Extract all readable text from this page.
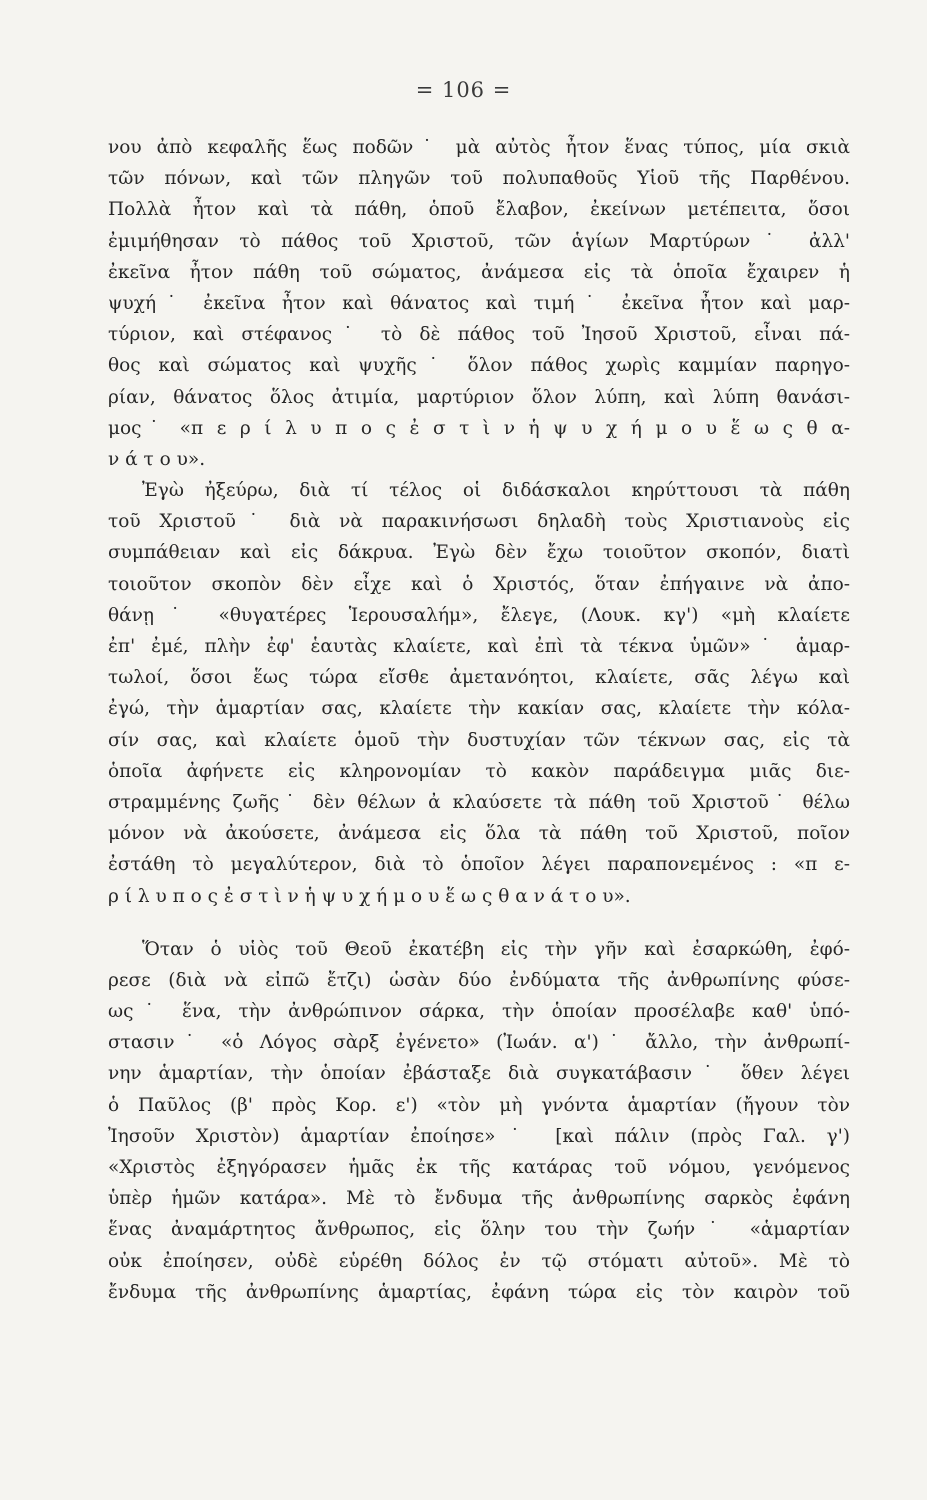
= 106 =
νου ἀπὸ κεφαλῆς ἕως ποδῶν˙ μὰ αὐτὸς ἦτον ἕνας τύπος, μία σκιὰ
τῶν πόνων, καὶ τῶν πληγῶν τοῦ πολυπαθοῦς Υἱοῦ τῆς Παρθένου.
Πολλὰ ἦτον καὶ τὰ πάθη, ὁποῦ ἔλαβον, ἐκείνων μετέπειτα, ὅσοι
ἐμιμήθησαν τὸ πάθος τοῦ Χριστοῦ, τῶν ἁγίων Μαρτύρων˙ ἀλλ'
ἐκεῖνα ἦτον πάθη τοῦ σώματος, ἀνάμεσα εἰς τὰ ὁποῖα ἔχαιρεν ἡ
ψυχή˙ ἐκεῖνα ἦτον καὶ θάνατος καὶ τιμή˙ ἐκεῖνα ἦτον καὶ μαρ-
τύριον, καὶ στέφανος˙ τὸ δὲ πάθος τοῦ Ἰησοῦ Χριστοῦ, εἶναι πά-
θος καὶ σώματος καὶ ψυχῆς˙ ὅλον πάθος χωρὶς καμμίαν παρηγο-
ρίαν, θάνατος ὅλος ἀτιμία, μαρτύριον ὅλον λύπη, καὶ λύπη θανάσι-
μος˙ «π ε ρ ί λ υ π ο ς ἐ σ τ ὶ ν ἡ ψ υ χ ή μ ο υ ἕ ω ς θ α-
ν ά τ ο υ».
Ἐγὼ ἠξεύρω, διὰ τί τέλος οἱ διδάσκαλοι κηρύττουσι τὰ πάθη
τοῦ Χριστοῦ˙ διὰ νὰ παρακινήσωσι δηλαδὴ τοὺς Χριστιανοὺς εἰς
συμπάθειαν καὶ εἰς δάκρυα. Ἐγὼ δὲν ἔχω τοιοῦτον σκοπόν, διατὶ
τοιοῦτον σκοπὸν δὲν εἶχε καὶ ὁ Χριστός, ὅταν ἐπήγαινε νὰ ἀπο-
θάνῃ˙ «θυγατέρες Ἱερουσαλήμ», ἔλεγε, (Λουκ. κγ') «μὴ κλαίετε
ἐπ' ἐμέ, πλὴν ἐφ' ἑαυτὰς κλαίετε, καὶ ἐπὶ τὰ τέκνα ὑμῶν»˙ ἁμαρ-
τωλοί, ὅσοι ἕως τώρα εἴσθε ἀμετανόητοι, κλαίετε, σᾶς λέγω καὶ
ἐγώ, τὴν ἁμαρτίαν σας, κλαίετε τὴν κακίαν σας, κλαίετε τὴν κόλα-
σίν σας, καὶ κλαίετε ὁμοῦ τὴν δυστυχίαν τῶν τέκνων σας, εἰς τὰ
ὁποῖα ἀφήνετε εἰς κληρονομίαν τὸ κακὸν παράδειγμα μιᾶς διε-
στραμμένης ζωῆς˙ δὲν θέλων ἀ κλαύσετε τὰ πάθη τοῦ Χριστοῦ˙ θέλω
μόνον νὰ ἀκούσετε, ἀνάμεσα εἰς ὅλα τὰ πάθη τοῦ Χριστοῦ, ποῖον
ἐστάθη τὸ μεγαλύτερον, διὰ τὸ ὁποῖον λέγει παραπονεμένος : «π ε-
ρ ί λ υ π ο ς ἐ σ τ ὶ ν ἡ ψ υ χ ή μ ο υ ἕ ω ς θ α ν ά τ ο υ».
Ὅταν ὁ υἱὸς τοῦ Θεοῦ ἐκατέβη εἰς τὴν γῆν καὶ ἐσαρκώθη, ἐφό-
ρεσε (διὰ νὰ εἰπῶ ἔτζι) ὡσὰν δύο ἐνδύματα τῆς ἀνθρωπίνης φύσε-
ως˙ ἕνα, τὴν ἀνθρώπινον σάρκα, τὴν ὁποίαν προσέλαβε καθ' ὑπό-
στασιν˙ «ὁ Λόγος σὰρξ ἐγένετο» (Ἰωάν. α')˙ ἄλλο, τὴν ἀνθρωπί-
νην ἁμαρτίαν, τὴν ὁποίαν ἐβάσταξε διὰ συγκατάβασιν˙ ὅθεν λέγει
ὁ Παῦλος (β' πρὸς Κορ. ε') «τὸν μὴ γνόντα ἁμαρτίαν (ἤγουν τὸν
Ἰησοῦν Χριστὸν) ἁμαρτίαν ἐποίησε»˙ [καὶ πάλιν (πρὸς Γαλ. γ')
«Χριστὸς ἐξηγόρασεν ἡμᾶς ἐκ τῆς κατάρας τοῦ νόμου, γενόμενος
ὑπὲρ ἡμῶν κατάρα». Μὲ τὸ ἔνδυμα τῆς ἀνθρωπίνης σαρκὸς ἐφάνη
ἕνας ἀναμάρτητος ἄνθρωπος, εἰς ὅλην του τὴν ζωήν˙ «ἁμαρτίαν
οὐκ ἐποίησεν, οὐδὲ εὑρέθη δόλος ἐν τῷ στόματι αὐτοῦ». Μὲ τὸ
ἔνδυμα τῆς ἀνθρωπίνης ἁμαρτίας, ἐφάνη τώρα εἰς τὸν καιρὸν τοῦ
